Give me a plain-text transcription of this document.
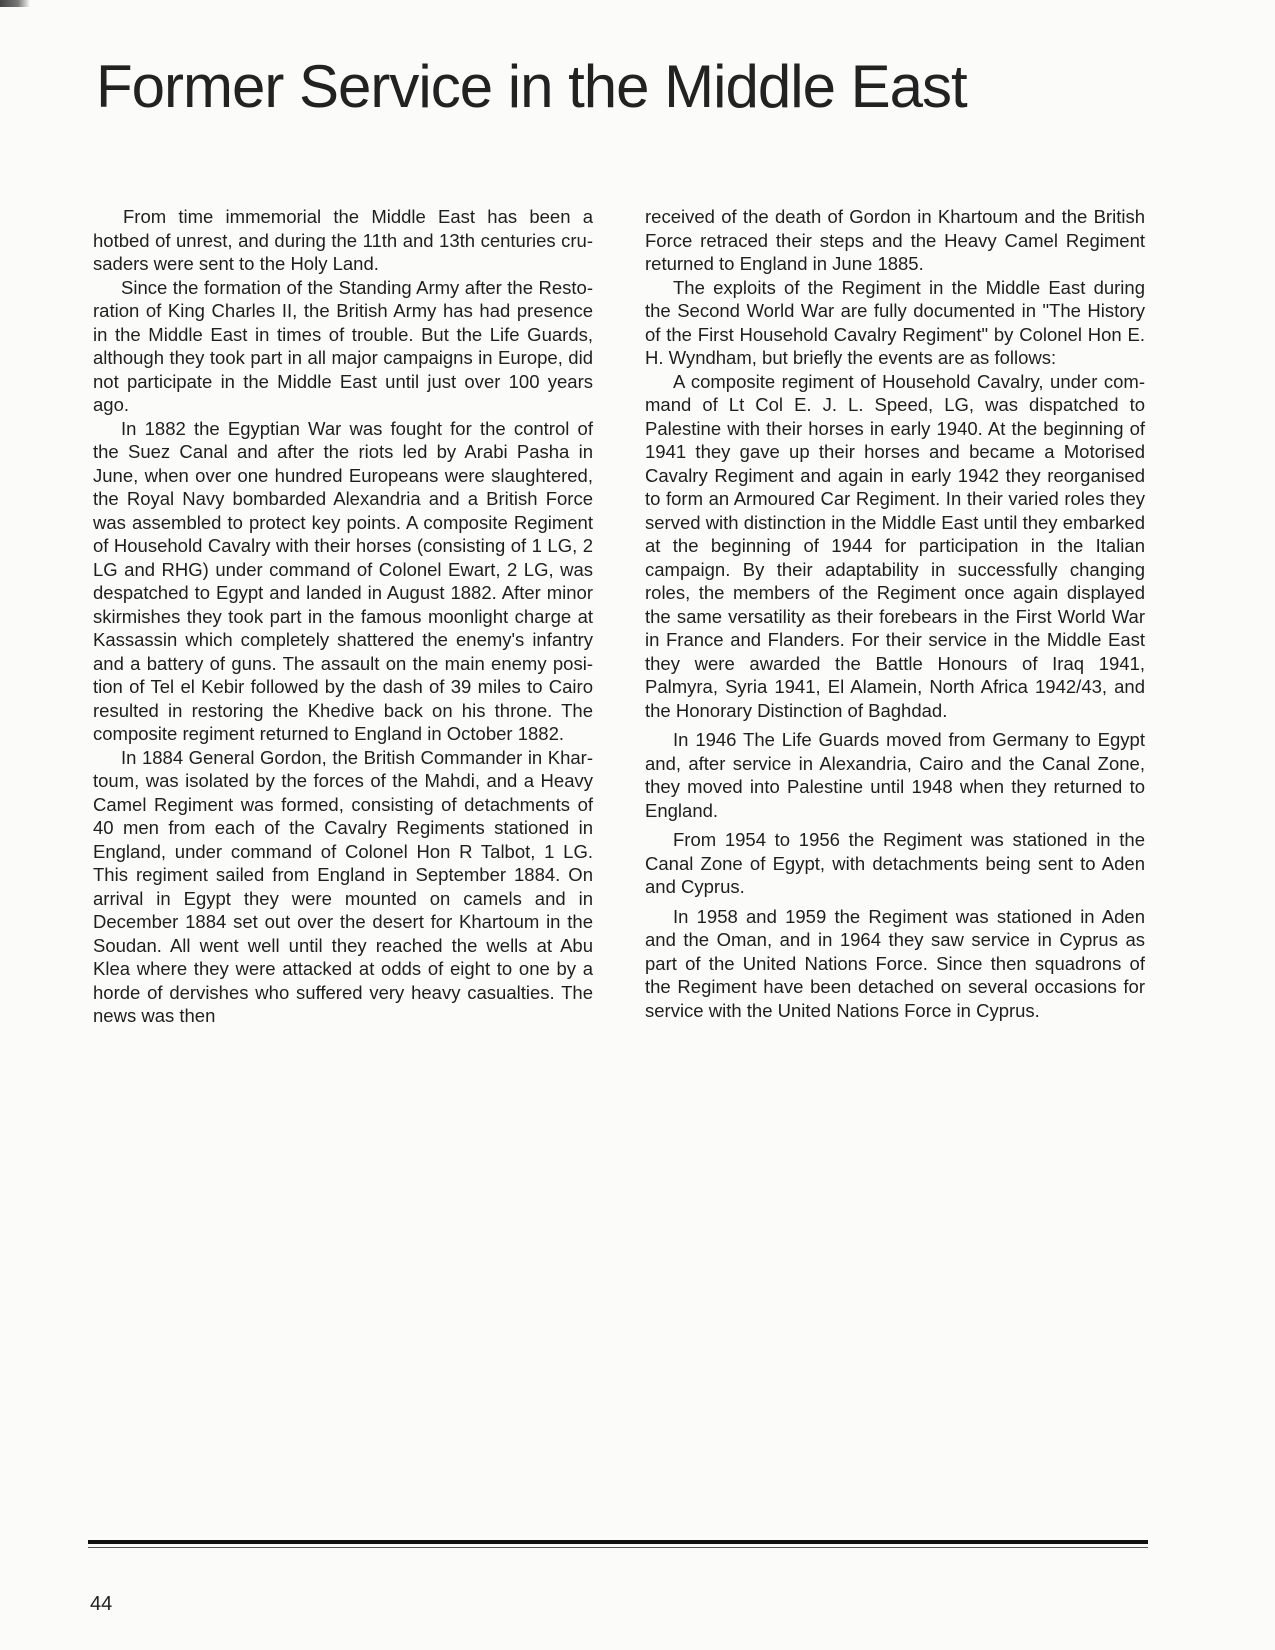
Former Service in the Middle East

From time immemorial the Middle East has been a hotbed of unrest, and during the 11th and 13th centuries crusaders were sent to the Holy Land.

Since the formation of the Standing Army after the Restoration of King Charles II, the British Army has had presence in the Middle East in times of trouble. But the Life Guards, although they took part in all major campaigns in Europe, did not participate in the Middle East until just over 100 years ago.

In 1882 the Egyptian War was fought for the control of the Suez Canal and after the riots led by Arabi Pasha in June, when over one hundred Europeans were slaughtered, the Royal Navy bombarded Alexandria and a British Force was assembled to protect key points. A composite Regiment of Household Cavalry with their horses (consisting of 1 LG, 2 LG and RHG) under command of Colonel Ewart, 2 LG, was despatched to Egypt and landed in August 1882. After minor skirmishes they took part in the famous moonlight charge at Kassassin which completely shattered the enemy's infantry and a battery of guns. The assault on the main enemy position of Tel el Kebir followed by the dash of 39 miles to Cairo resulted in restoring the Khedive back on his throne. The composite regiment returned to England in October 1882.

In 1884 General Gordon, the British Commander in Khartoum, was isolated by the forces of the Mahdi, and a Heavy Camel Regiment was formed, consisting of detachments of 40 men from each of the Cavalry Regiments stationed in England, under command of Colonel Hon R Talbot, 1 LG. This regiment sailed from England in September 1884. On arrival in Egypt they were mounted on camels and in December 1884 set out over the desert for Khartoum in the Soudan. All went well until they reached the wells at Abu Klea where they were attacked at odds of eight to one by a horde of dervishes who suffered very heavy casualties. The news was then

received of the death of Gordon in Khartoum and the British Force retraced their steps and the Heavy Camel Regiment returned to England in June 1885.

The exploits of the Regiment in the Middle East during the Second World War are fully documented in "The History of the First Household Cavalry Regiment" by Colonel Hon E. H. Wyndham, but briefly the events are as follows:

A composite regiment of Household Cavalry, under command of Lt Col E. J. L. Speed, LG, was dispatched to Palestine with their horses in early 1940. At the beginning of 1941 they gave up their horses and became a Motorised Cavalry Regiment and again in early 1942 they reorganised to form an Armoured Car Regiment. In their varied roles they served with distinction in the Middle East until they embarked at the beginning of 1944 for participation in the Italian campaign. By their adaptability in successfully changing roles, the members of the Regiment once again displayed the same versatility as their forebears in the First World War in France and Flanders. For their service in the Middle East they were awarded the Battle Honours of Iraq 1941, Palmyra, Syria 1941, El Alamein, North Africa 1942/43, and the Honorary Distinction of Baghdad.

In 1946 The Life Guards moved from Germany to Egypt and, after service in Alexandria, Cairo and the Canal Zone, they moved into Palestine until 1948 when they returned to England.

From 1954 to 1956 the Regiment was stationed in the Canal Zone of Egypt, with detachments being sent to Aden and Cyprus.

In 1958 and 1959 the Regiment was stationed in Aden and the Oman, and in 1964 they saw service in Cyprus as part of the United Nations Force. Since then squadrons of the Regiment have been detached on several occasions for service with the United Nations Force in Cyprus.

44
